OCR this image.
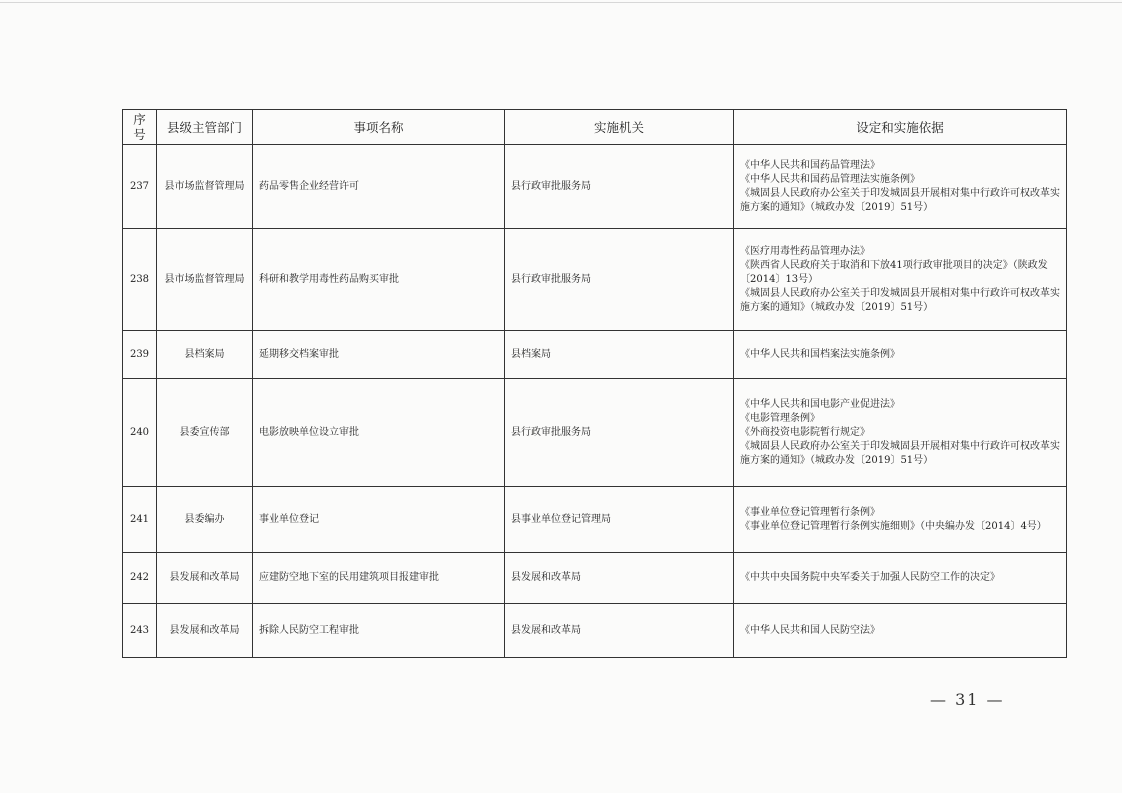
序号	县级主管部门	事项名称	实施机关	设定和实施依据
237	县市场监督管理局	药品零售企业经营许可	县行政审批服务局	《中华人民共和国药品管理法》
《中华人民共和国药品管理法实施条例》
《城固县人民政府办公室关于印发城固县开展相对集中行政许可权改革实施方案的通知》（城政办发〔2019〕51号）

238	县市场监督管理局	科研和教学用毒性药品购买审批	县行政审批服务局	《医疗用毒性药品管理办法》
《陕西省人民政府关于取消和下放41项行政审批项目的决定》（陕政发〔2014〕13号）
《城固县人民政府办公室关于印发城固县开展相对集中行政许可权改革实施方案的通知》（城政办发〔2019〕51号）

239	县档案局	延期移交档案审批	县档案局	《中华人民共和国档案法实施条例》

240	县委宣传部	电影放映单位设立审批	县行政审批服务局	《中华人民共和国电影产业促进法》
《电影管理条例》
《外商投资电影院暂行规定》
《城固县人民政府办公室关于印发城固县开展相对集中行政许可权改革实施方案的通知》（城政办发〔2019〕51号）

241	县委编办	事业单位登记	县事业单位登记管理局	《事业单位登记管理暂行条例》
《事业单位登记管理暂行条例实施细则》（中央编办发〔2014〕4号）

242	县发展和改革局	应建防空地下室的民用建筑项目报建审批	县发展和改革局	《中共中央国务院中央军委关于加强人民防空工作的决定》

243	县发展和改革局	拆除人民防空工程审批	县发展和改革局	《中华人民共和国人民防空法》
— 31 —
